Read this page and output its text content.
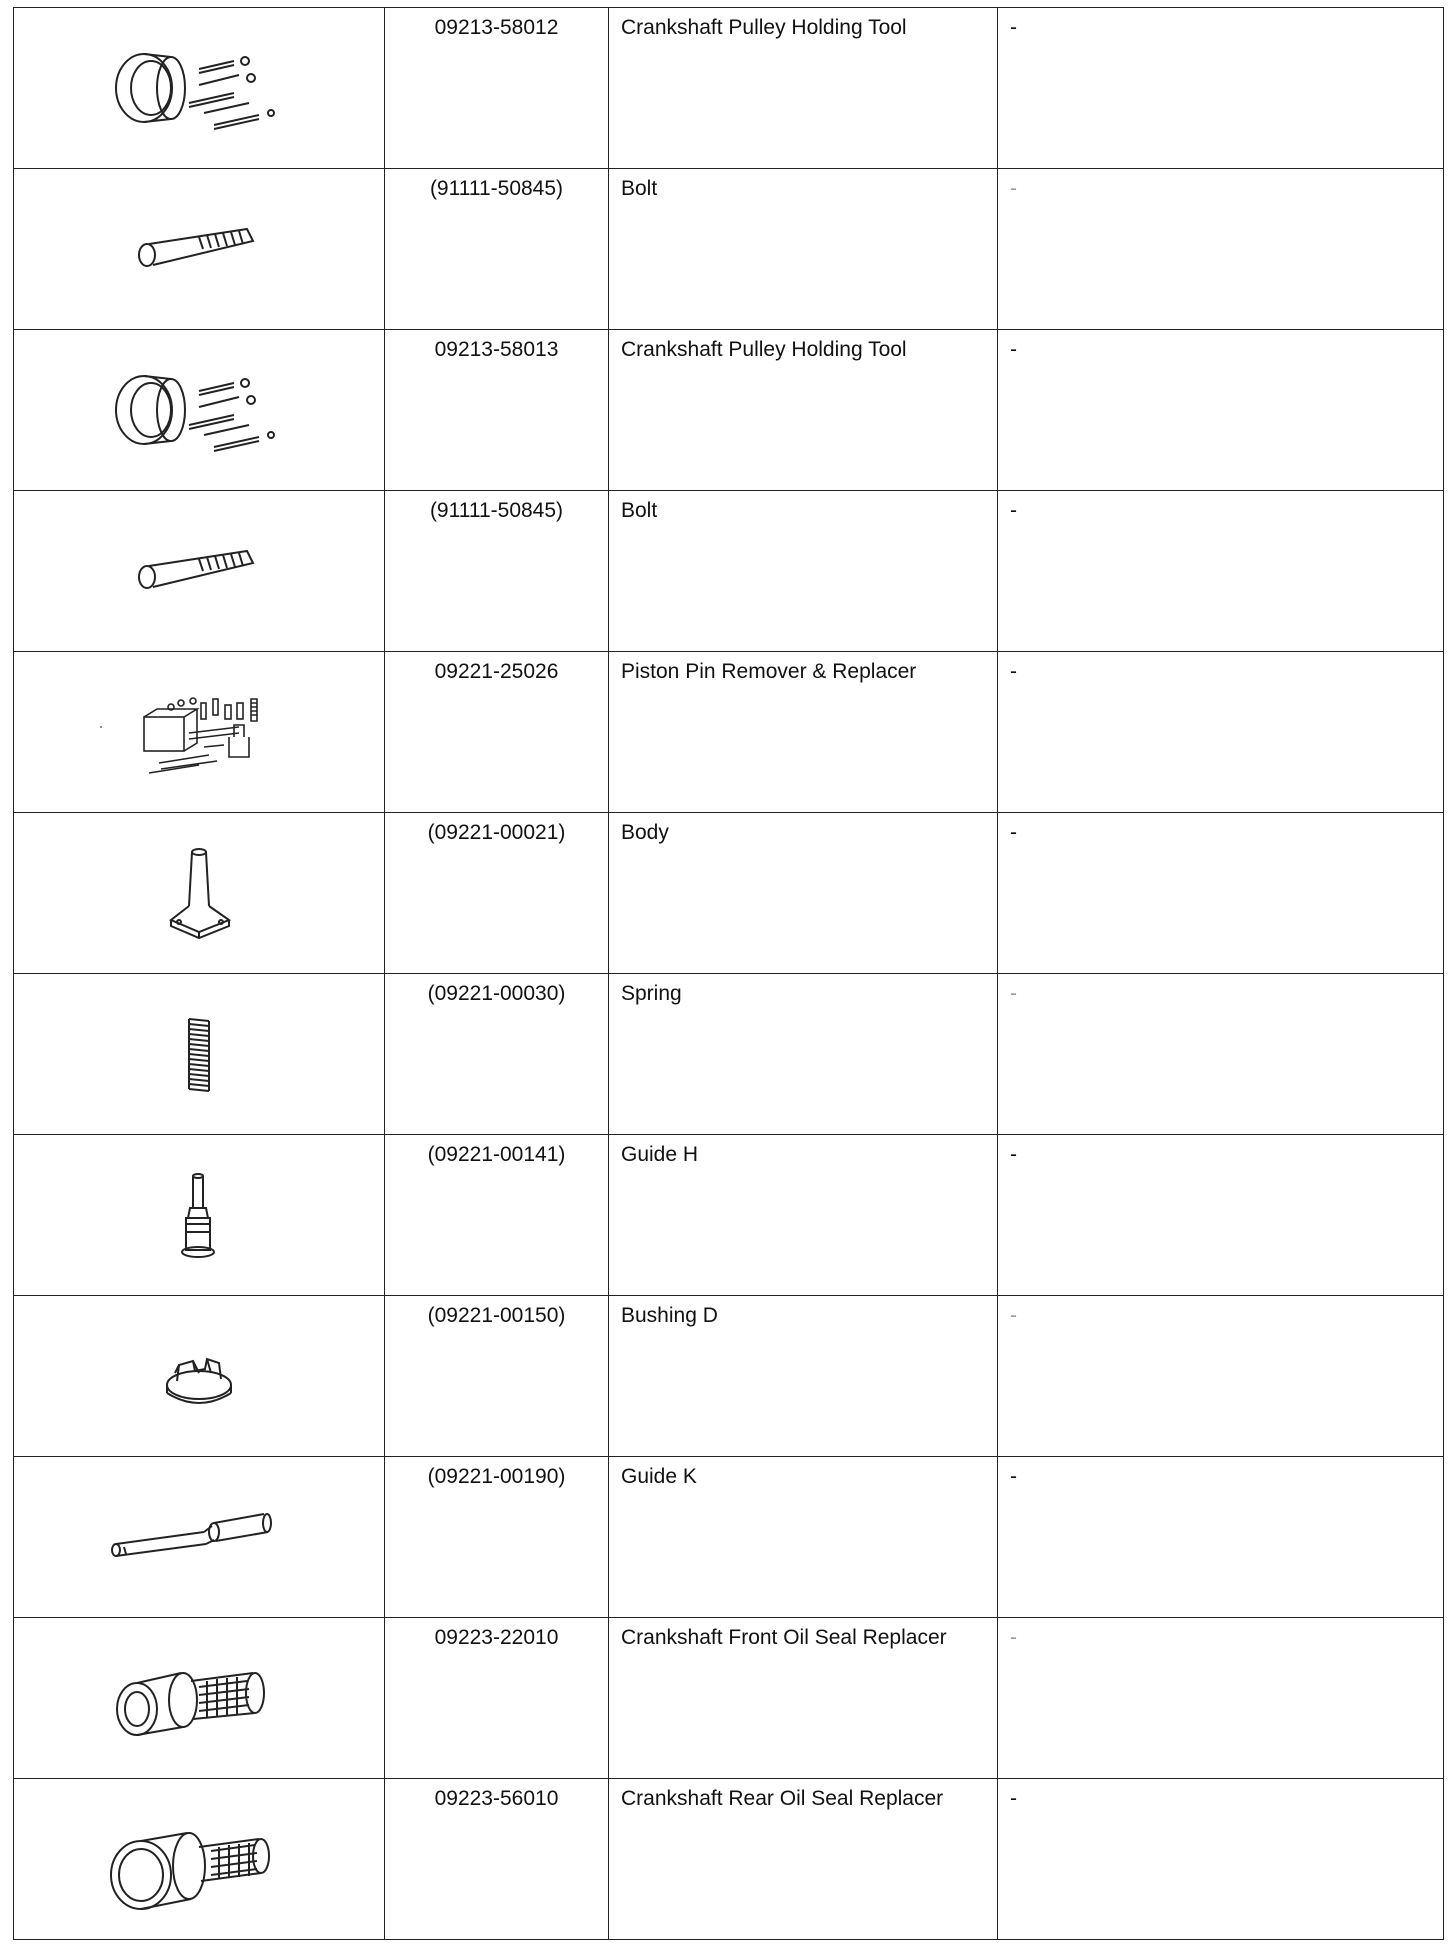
09213-58012	Crankshaft Pulley Holding Tool	-

(91111-50845)	Bolt	-

09213-58013	Crankshaft Pulley Holding Tool	-

(91111-50845)	Bolt	-

09221-25026	Piston Pin Remover & Replacer	-

(09221-00021)	Body	-

(09221-00030)	Spring	-

(09221-00141)	Guide H	-

(09221-00150)	Bushing D	-

(09221-00190)	Guide K	-

09223-22010	Crankshaft Front Oil Seal Replacer	-

09223-56010	Crankshaft Rear Oil Seal Replacer	-
